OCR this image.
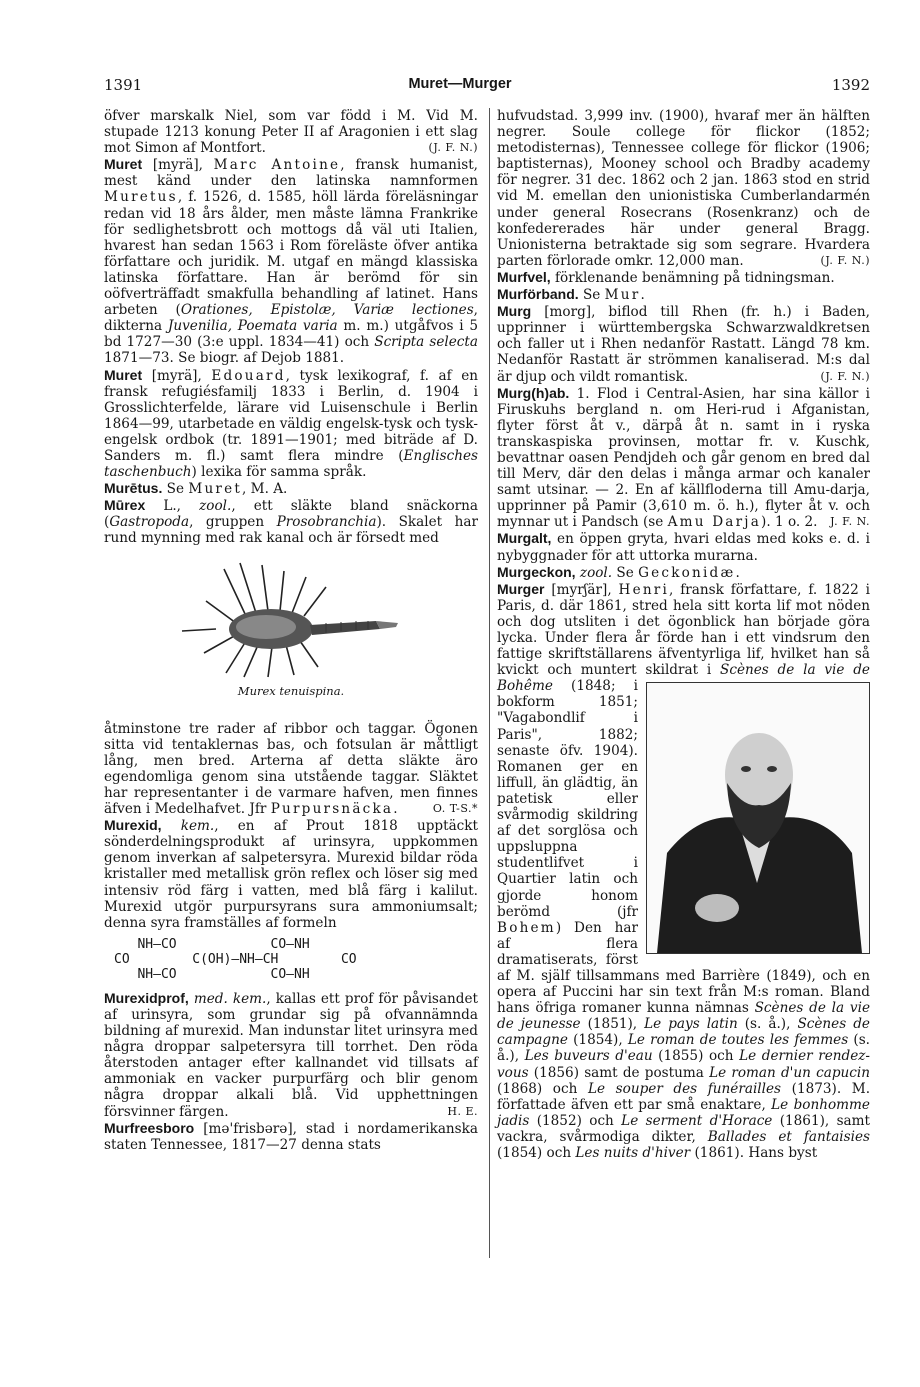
1391	Muret—Murger	1392

öfver marskalk Niel, som var född i M. Vid M. stupade 1213 konung Peter II af Aragonien i ett slag mot Simon af Montfort.	(J. F. N.)

Muret [myrä], Marc Antoine, fransk humanist, mest känd under den latinska namnformen Muretus, f. 1526, d. 1585, höll lärda föreläsningar redan vid 18 års ålder, men måste lämna Frankrike för sedlighetsbrott och mottogs då väl uti Italien, hvarest han sedan 1563 i Rom föreläste öfver antika författare och juridik. M. utgaf en mängd klassiska latinska författare. Han är berömd för sin oöfverträffadt smakfulla behandling af latinet. Hans arbeten (Orationes, Epistolæ, Variæ lectiones, dikterna Juvenilia, Poemata varia m. m.) utgåfvos i 5 bd 1727—30 (3:e uppl. 1834—41) och Scripta selecta 1871—73. Se biogr. af Dejob 1881.

Muret [myrä], Edouard, tysk lexikograf, f. af en fransk refugiésfamilj 1833 i Berlin, d. 1904 i Grosslichterfelde, lärare vid Luisenschule i Berlin 1864—99, utarbetade en väldig engelsk-tysk och tysk-engelsk ordbok (tr. 1891—1901; med biträde af D. Sanders m. fl.) samt flera mindre (Englisches taschenbuch) lexika för samma språk.

Murētus. Se Muret, M. A.

Mūrex L., zool., ett släkte bland snäckorna (Gastropoda, gruppen Prosobranchia). Skalet har rund mynning med rak kanal och är försedt med

Murex tenuispina.

åtminstone tre rader af ribbor och taggar. Ögonen sitta vid tentaklernas bas, och fotsulan är måttligt lång, men bred. Arterna af detta släkte äro egendomliga genom sina utstående taggar. Släktet har representanter i de varmare hafven, men finnes äfven i Medelhafvet. Jfr Purpursnäcka.	O. T-S.*

Murexid, kem., en af Prout 1818 upptäckt sönderdelningsprodukt af urinsyra, uppkommen genom inverkan af salpetersyra. Murexid bildar röda kristaller med metallisk grön reflex och löser sig med intensiv röd färg i vatten, med blå färg i kalilut. Murexid utgör purpursyrans sura ammoniumsalt; denna syra framställes af formeln

NH–CO            CO–NH
CO        C(OH)–NH–CH        CO
NH–CO            CO–NH

Murexidprof, med. kem., kallas ett prof för påvisandet af urinsyra, som grundar sig på ofvannämnda bildning af murexid. Man indunstar litet urinsyra med några droppar salpetersyra till torrhet. Den röda återstoden antager efter kallnandet vid tillsats af ammoniak en vacker purpurfärg och blir genom några droppar alkali blå. Vid upphettningen försvinner färgen.	H. E.

Murfreesboro [mə'frisbərə], stad i nordamerikanska staten Tennessee, 1817—27 denna stats

hufvudstad. 3,999 inv. (1900), hvaraf mer än hälften negrer. Soule college för flickor (1852; metodisternas), Tennessee college för flickor (1906; baptisternas), Mooney school och Bradby academy för negrer. 31 dec. 1862 och 2 jan. 1863 stod en strid vid M. emellan den unionistiska Cumberlandarmén under general Rosecrans (Rosenkranz) och de konfedererades här under general Bragg. Unionisterna betraktade sig som segrare. Hvardera parten förlorade omkr. 12,000 man.	(J. F. N.)

Murfvel, förklenande benämning på tidningsman.

Murförband. Se Mur.

Murg [morg], biflod till Rhen (fr. h.) i Baden, upprinner i württembergska Schwarzwaldkretsen och faller ut i Rhen nedanför Rastatt. Längd 78 km. Nedanför Rastatt är strömmen kanaliserad. M:s dal är djup och vildt romantisk.	(J. F. N.)

Murg(h)ab. 1. Flod i Central-Asien, har sina källor i Firuskuhs bergland n. om Heri-rud i Afganistan, flyter först åt v., därpå åt n. samt in i ryska transkaspiska provinsen, mottar fr. v. Kuschk, bevattnar oasen Pendjdeh och går genom en bred dal till Merv, där den delas i många armar och kanaler samt utsinar. — 2. En af källfloderna till Amu-darja, upprinner på Pamir (3,610 m. ö. h.), flyter åt v. och mynnar ut i Pandsch (se Amu Darja). 1 o. 2. J. F. N.

Murgalt, en öppen gryta, hvari eldas med koks e. d. i nybyggnader för att uttorka murarna.

Murgeckon, zool. Se Geckonidæ.

Murger [myrʃär], Henri, fransk författare, f. 1822 i Paris, d. där 1861, stred hela sitt korta lif mot nöden och dog utsliten i det ögonblick han började göra lycka. Under flera år förde han i ett vindsrum den fattige skriftställarens äfventyrliga lif, hvilket han så kvickt och muntert skildrat i
Scènes de la vie de Bohême (1848; i bokform 1851; "Vagabondlif i Paris", 1882; senaste öfv. 1904). Romanen ger en liffull, än glädtig, än patetisk eller svårmodig skildring af det sorglösa och uppsluppna studentlifvet i Quartier latin och gjorde honom berömd (jfr Bohem) Den har af flera dramatiserats, först af M. själf tillsammans med Barrière (1849), och en opera af Puccini har sin text från M:s roman. Bland hans öfriga romaner kunna nämnas Scènes de la vie de jeunesse (1851), Le pays latin (s. å.), Scènes de campagne (1854), Le roman de toutes les femmes (s. å.), Les buveurs d'eau (1855) och Le dernier rendez-vous (1856) samt de postuma Le roman d'un capucin (1868) och Le souper des funérailles (1873). M. författade äfven ett par små enaktare, Le bonhomme jadis (1852) och Le serment d'Horace (1861), samt vackra, svårmodiga dikter, Ballades et fantaisies (1854) och Les nuits d'hiver (1861). Hans byst
